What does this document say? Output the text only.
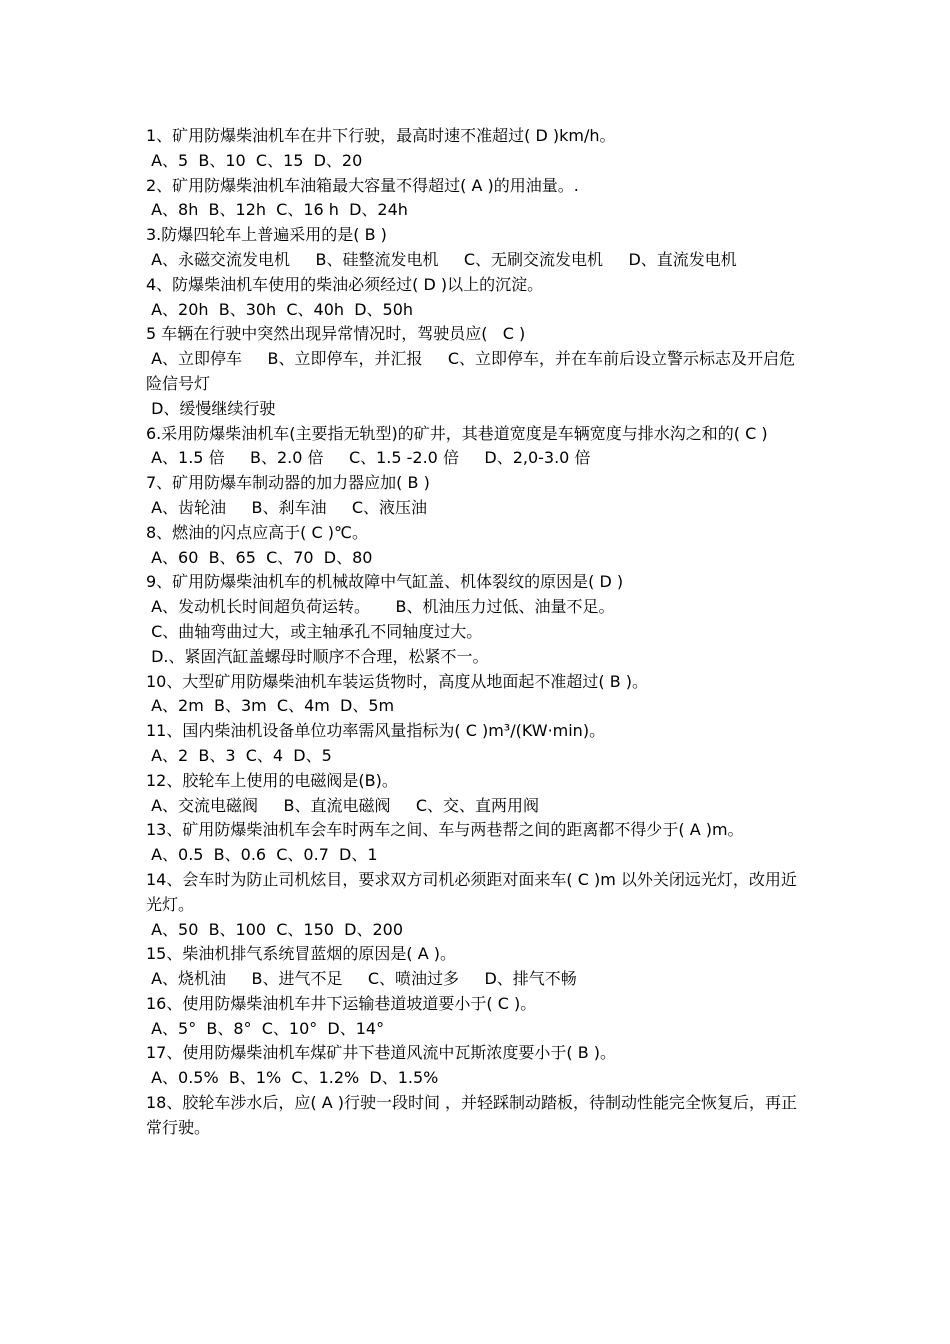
1、矿用防爆柴油机车在井下行驶，最高时速不准超过( D )km/h。

A、5  B、10  C、15  D、20

2、矿用防爆柴油机车油箱最大容量不得超过( A )的用油量。.

A、8h  B、12h  C、16 h  D、24h

3.防爆四轮车上普遍采用的是( B )

A、永磁交流发电机     B、硅整流发电机     C、无刷交流发电机     D、直流发电机

4、防爆柴油机车使用的柴油必须经过( D )以上的沉淀。

A、20h  B、30h  C、40h  D、50h

5 车辆在行驶中突然出现异常情况时，驾驶员应(   C )

A、立即停车     B、立即停车，并汇报     C、立即停车，并在车前后设立警示标志及开启危险信号灯

D、缓慢继续行驶

6.采用防爆柴油机车(主要指无轨型)的矿井，其巷道宽度是车辆宽度与排水沟之和的( C )

A、1.5 倍     B、2.0 倍     C、1.5 -2.0 倍     D、2,0-3.0 倍

7、矿用防爆车制动器的加力器应加( B )

A、齿轮油     B、刹车油     C、液压油

8、燃油的闪点应高于( C )℃。

A、60  B、65  C、70  D、80

9、矿用防爆柴油机车的机械故障中气缸盖、机体裂纹的原因是( D )

A、发动机长时间超负荷运转。     B、机油压力过低、油量不足。

C、曲轴弯曲过大，或主轴承孔不同轴度过大。

D.、紧固汽缸盖螺母时顺序不合理，松紧不一。

10、大型矿用防爆柴油机车装运货物时，高度从地面起不准超过( B )。

A、2m  B、3m  C、4m  D、5m

11、国内柴油机设备单位功率需风量指标为( C )m³/(KW·min)。

A、2  B、3  C、4  D、5

12、胶轮车上使用的电磁阀是(B)。

A、交流电磁阀     B、直流电磁阀     C、交、直两用阀

13、矿用防爆柴油机车会车时两车之间、车与两巷帮之间的距离都不得少于( A )m。

A、0.5  B、0.6  C、0.7  D、1

14、会车时为防止司机炫目，要求双方司机必须距对面来车( C )m 以外关闭远光灯，改用近光灯。

A、50  B、100  C、150  D、200

15、柴油机排气系统冒蓝烟的原因是( A )。

A、烧机油     B、进气不足     C、喷油过多     D、排气不畅

16、使用防爆柴油机车井下运输巷道坡道要小于( C )。

A、5°  B、8°  C、10°  D、14°

17、使用防爆柴油机车煤矿井下巷道风流中瓦斯浓度要小于( B )。

A、0.5%  B、1%  C、1.2%  D、1.5%

18、胶轮车涉水后，应( A )行驶一段时间 ，并轻踩制动踏板，待制动性能完全恢复后，再正常行驶。
